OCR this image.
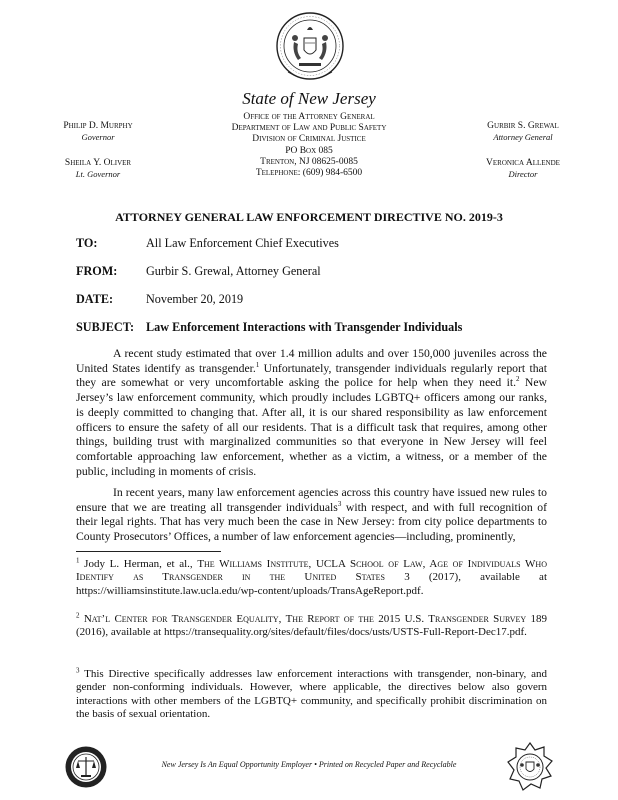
State of New Jersey
Office of the Attorney General
Department of Law and Public Safety
Division of Criminal Justice
PO Box 085
Trenton, NJ 08625-0085
Telephone: (609) 984-6500
Philip D. Murphy
Governor
Sheila Y. Oliver
Lt. Governor
Gurbir S. Grewal
Attorney General
Veronica Allende
Director
ATTORNEY GENERAL LAW ENFORCEMENT DIRECTIVE NO. 2019-3
TO:	All Law Enforcement Chief Executives
FROM: Gurbir S. Grewal, Attorney General
DATE:	November 20, 2019
SUBJECT: Law Enforcement Interactions with Transgender Individuals

A recent study estimated that over 1.4 million adults and over 150,000 juveniles across the United States identify as transgender.$^1$ Unfortunately, transgender individuals regularly report that they are somewhat or very uncomfortable asking the police for help when they need it.$^2$ New Jersey’s law enforcement community, which proudly includes LGBTQ+ officers among our ranks, is deeply committed to changing that. After all, it is our shared responsibility as law enforcement officers to ensure the safety of all our residents. That is a difficult task that requires, among other things, building trust with marginalized communities so that everyone in New Jersey will feel comfortable approaching law enforcement, whether as a victim, a witness, or a member of the public, including in moments of crisis.

In recent years, many law enforcement agencies across this country have issued new rules to ensure that we are treating all transgender individuals$^3$ with respect, and with full recognition of their legal rights. That has very much been the case in New Jersey: from city police departments to County Prosecutors’ Offices, a number of law enforcement agencies—including, prominently,

$^1$ Jody L. Herman, et al., The Williams Institute, UCLA School of Law, Age of Individuals Who Identify as Transgender in the United States 3 (2017), available at https://williamsinstitute.law.ucla.edu/wp-content/uploads/TransAgeReport.pdf.

$^2$ Nat’l Center for Transgender Equality, The Report of the 2015 U.S. Transgender Survey 189 (2016), available at https://transequality.org/sites/default/files/docs/usts/USTS-Full-Report-Dec17.pdf.

$^3$ This Directive specifically addresses law enforcement interactions with transgender, non-binary, and gender non-conforming individuals. However, where applicable, the directives below also govern interactions with other members of the LGBTQ+ community, and specifically prohibit discrimination on the basis of sexual orientation.

New Jersey Is An Equal Opportunity Employer • Printed on Recycled Paper and Recyclable
